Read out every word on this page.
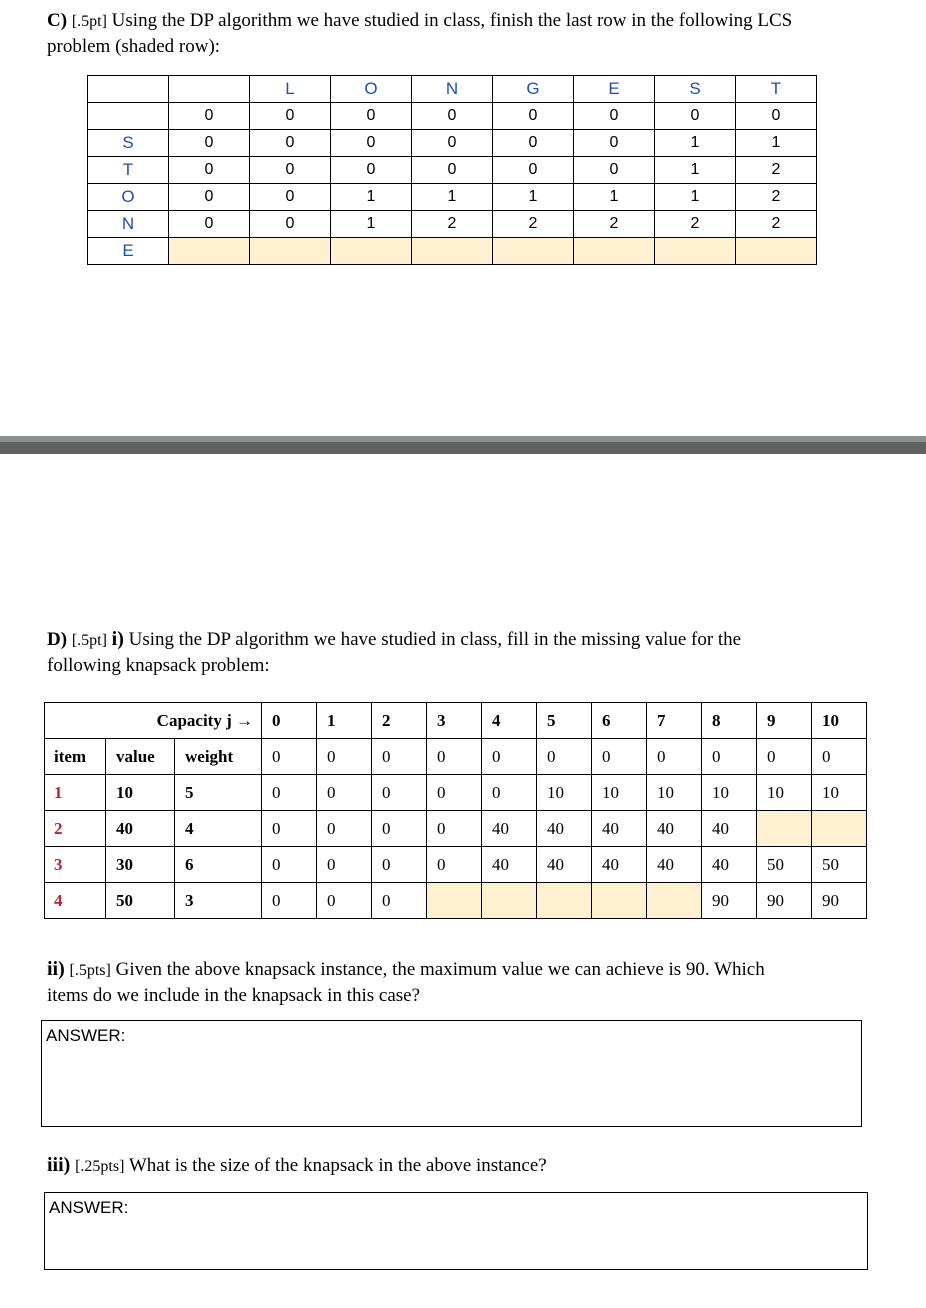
C) [.5pt] Using the DP algorithm we have studied in class, finish the last row in the following LCS
problem (shaded row):

		L	O	N	G	E	S	T
	0	0	0	0	0	0	0	0
S	0	0	0	0	0	0	1	1
T	0	0	0	0	0	0	1	2
O	0	0	1	1	1	1	1	2
N	0	0	1	2	2	2	2	2
E								

D) [.5pt] i) Using the DP algorithm we have studied in class, fill in the missing value for the
following knapsack problem:

Capacity j →			0	1	2	3	4	5	6	7	8	9	10
item	value	weight	0	0	0	0	0	0	0	0	0	0	0
1	10	5	0	0	0	0	0	10	10	10	10	10	10
2	40	4	0	0	0	0	40	40	40	40	40		
3	30	6	0	0	0	0	40	40	40	40	40	50	50
4	50	3	0	0	0						90	90	90

ii) [.5pts] Given the above knapsack instance, the maximum value we can achieve is 90. Which
items do we include in the knapsack in this case?

ANSWER:

iii) [.25pts] What is the size of the knapsack in the above instance?

ANSWER:
